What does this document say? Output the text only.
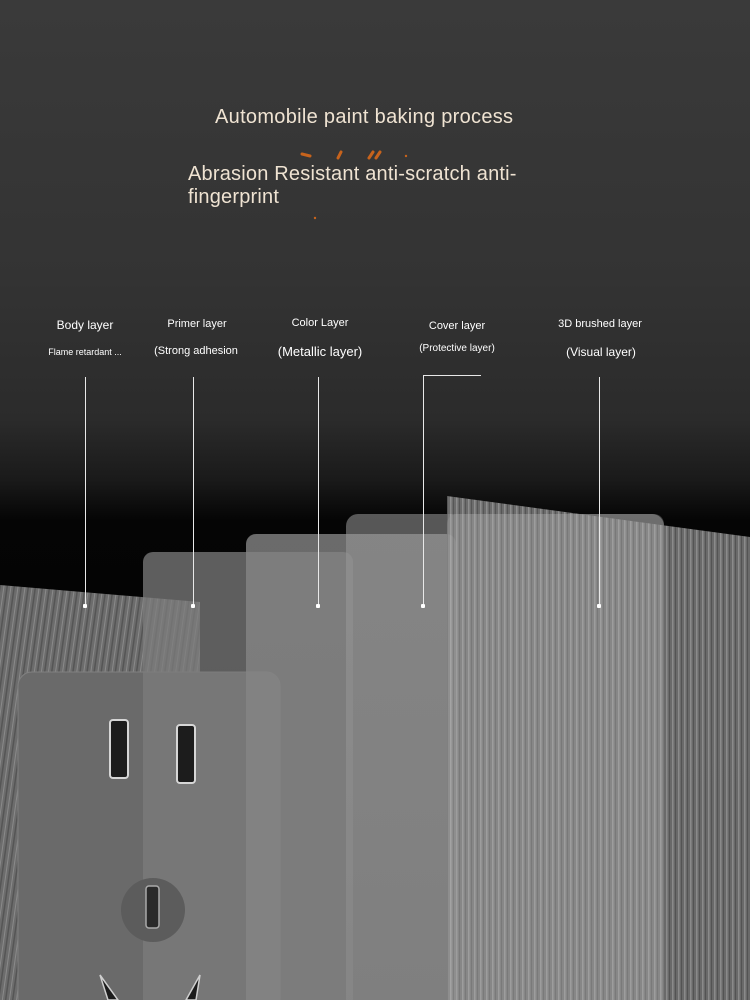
Automobile paint baking process
Abrasion Resistant anti-scratch anti-fingerprint
Body layer
Flame retardant ...
Primer layer
(Strong adhesion
Color Layer
(Metallic layer)
Cover layer
(Protective layer)
3D brushed layer
(Visual layer)
